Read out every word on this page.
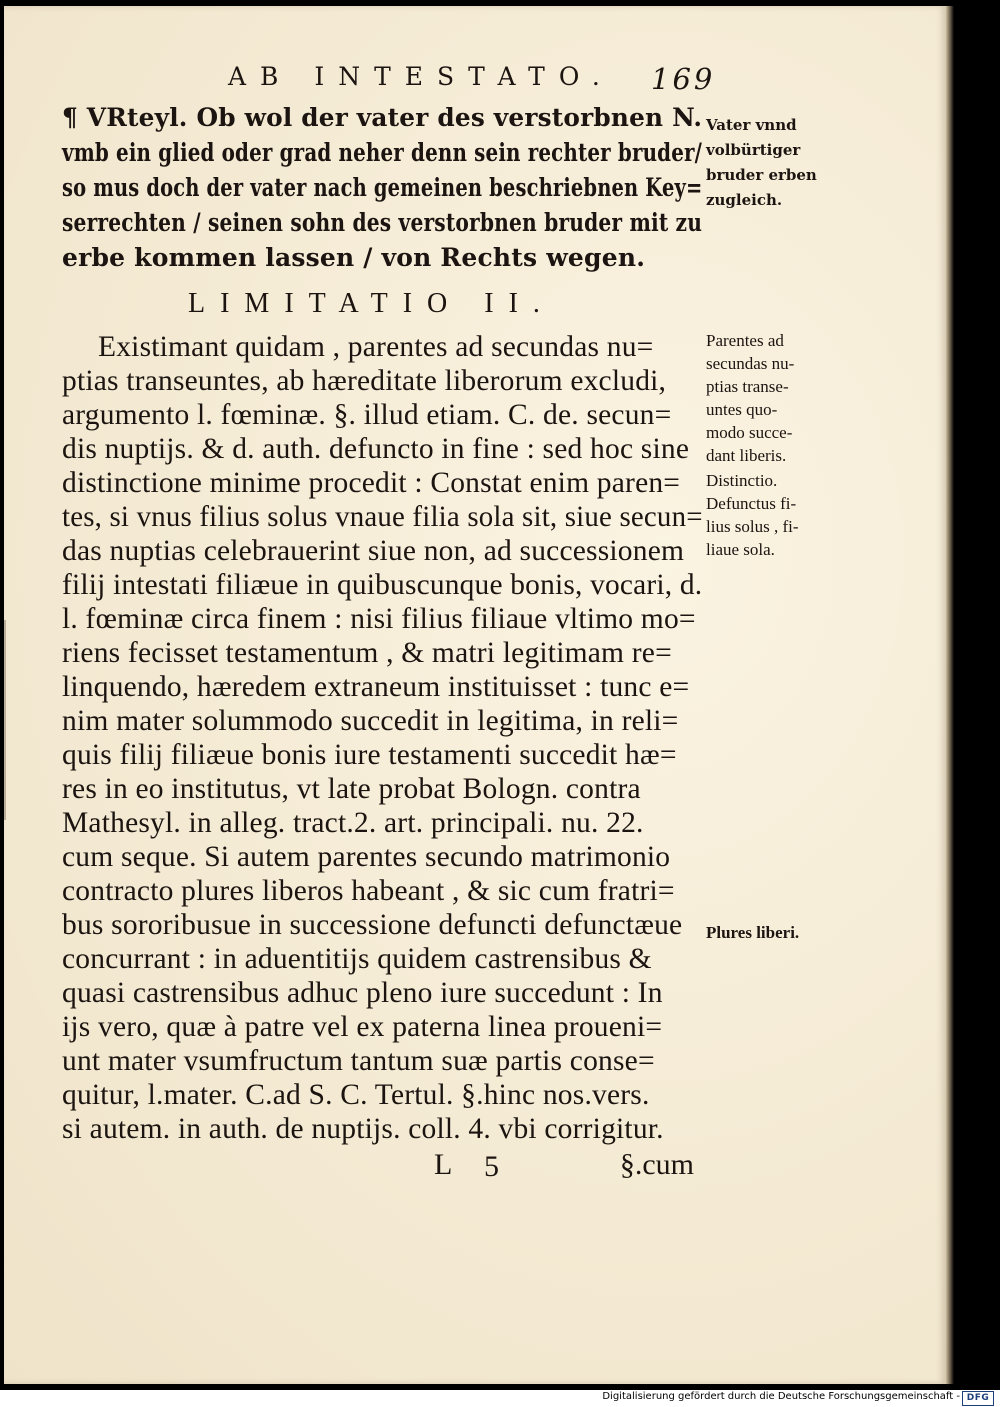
AB INTESTATO. 169
¶ VRteyl. Ob wol der vater des verstorbnen N.
vmb ein glied oder grad neher denn sein rechter bruder/
so mus doch der vater nach gemeinen beschriebnen Key=
serrechten / seinen sohn des verstorbnen bruder mit zu
erbe kommen lassen / von Rechts wegen.
LIMITATIO II.
Existimant quidam , parentes ad secundas nu=
ptias transeuntes, ab hæreditate liberorum excludi,
argumento l. fœminæ. §. illud etiam. C. de. secun=
dis nuptijs. & d. auth. defuncto in fine : sed hoc sine
distinctione minime procedit : Constat enim paren=
tes, si vnus filius solus vnaue filia sola sit, siue secun=
das nuptias celebrauerint siue non, ad successionem
filij intestati filiæue in quibuscunque bonis, vocari, d.
l. fœminæ circa finem : nisi filius filiaue vltimo mo=
riens fecisset testamentum , & matri legitimam re=
linquendo, hæredem extraneum instituisset : tunc e=
nim mater solummodo succedit in legitima, in reli=
quis filij filiæue bonis iure testamenti succedit hæ=
res in eo institutus, vt late probat Bologn. contra
Mathesyl. in alleg. tract.2. art. principali. nu. 22.
cum seque. Si autem parentes secundo matrimonio
contracto plures liberos habeant , & sic cum fratri=
bus sororibusue in successione defuncti defunctæue
concurrant : in aduentitijs quidem castrensibus &
quasi castrensibus adhuc pleno iure succedunt : In
ijs vero, quæ à patre vel ex paterna linea proueni=
unt mater vsumfructum tantum suæ partis conse=
quitur, l.mater. C.ad S. C. Tertul. §.hinc nos.vers.
si autem. in auth. de nuptijs. coll. 4. vbi corrigitur.
L 5	§.cum
Vater vnnd
volbürtiger
bruder erben
zugleich.
Parentes ad
secundas nu-
ptias transe-
untes quo-
modo succe-
dant liberis.
Distinctio.
Defunctus fi-
lius solus , fi-
liaue sola.
Plures liberi.
Digitalisierung gefördert durch die Deutsche Forschungsgemeinschaft - DFG
